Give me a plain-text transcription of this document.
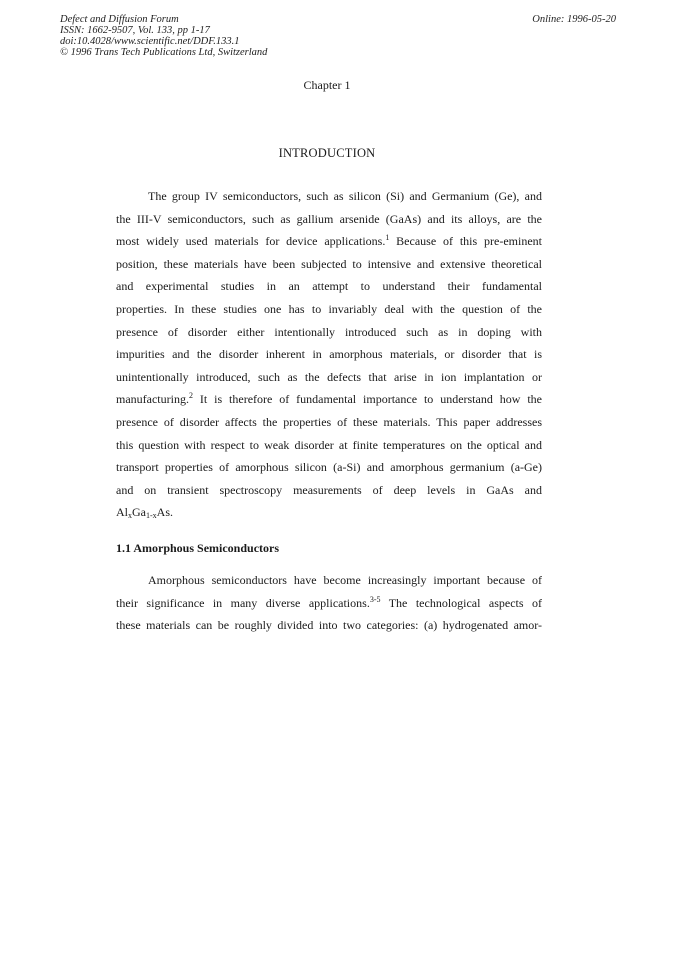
Defect and Diffusion Forum
ISSN: 1662-9507, Vol. 133, pp 1-17
doi:10.4028/www.scientific.net/DDF.133.1
© 1996 Trans Tech Publications Ltd, Switzerland
Online: 1996-05-20
Chapter 1
INTRODUCTION
The group IV semiconductors, such as silicon (Si) and Germanium (Ge), and
the III-V semiconductors, such as gallium arsenide (GaAs) and its alloys, are the
most widely used materials for device applications.$^1$ Because of this pre-eminent
position, these materials have been subjected to intensive and extensive theoretical
and experimental studies in an attempt to understand their fundamental
properties. In these studies one has to invariably deal with the question of the
presence of disorder either intentionally introduced such as in doping with
impurities and the disorder inherent in amorphous materials, or disorder that is
unintentionally introduced, such as the defects that arise in ion implantation or
manufacturing.$^2$ It is therefore of fundamental importance to understand how the
presence of disorder affects the properties of these materials. This paper addresses
this question with respect to weak disorder at finite temperatures on the optical and
transport properties of amorphous silicon (a-Si) and amorphous germanium (a-Ge)
and on transient spectroscopy measurements of deep levels in GaAs and
$Al_xGa_{1-x}As$.
1.1 Amorphous Semiconductors
Amorphous semiconductors have become increasingly important because of
their significance in many diverse applications.$^{3-5}$ The technological aspects of
these materials can be roughly divided into two categories: (a) hydrogenated amor-
